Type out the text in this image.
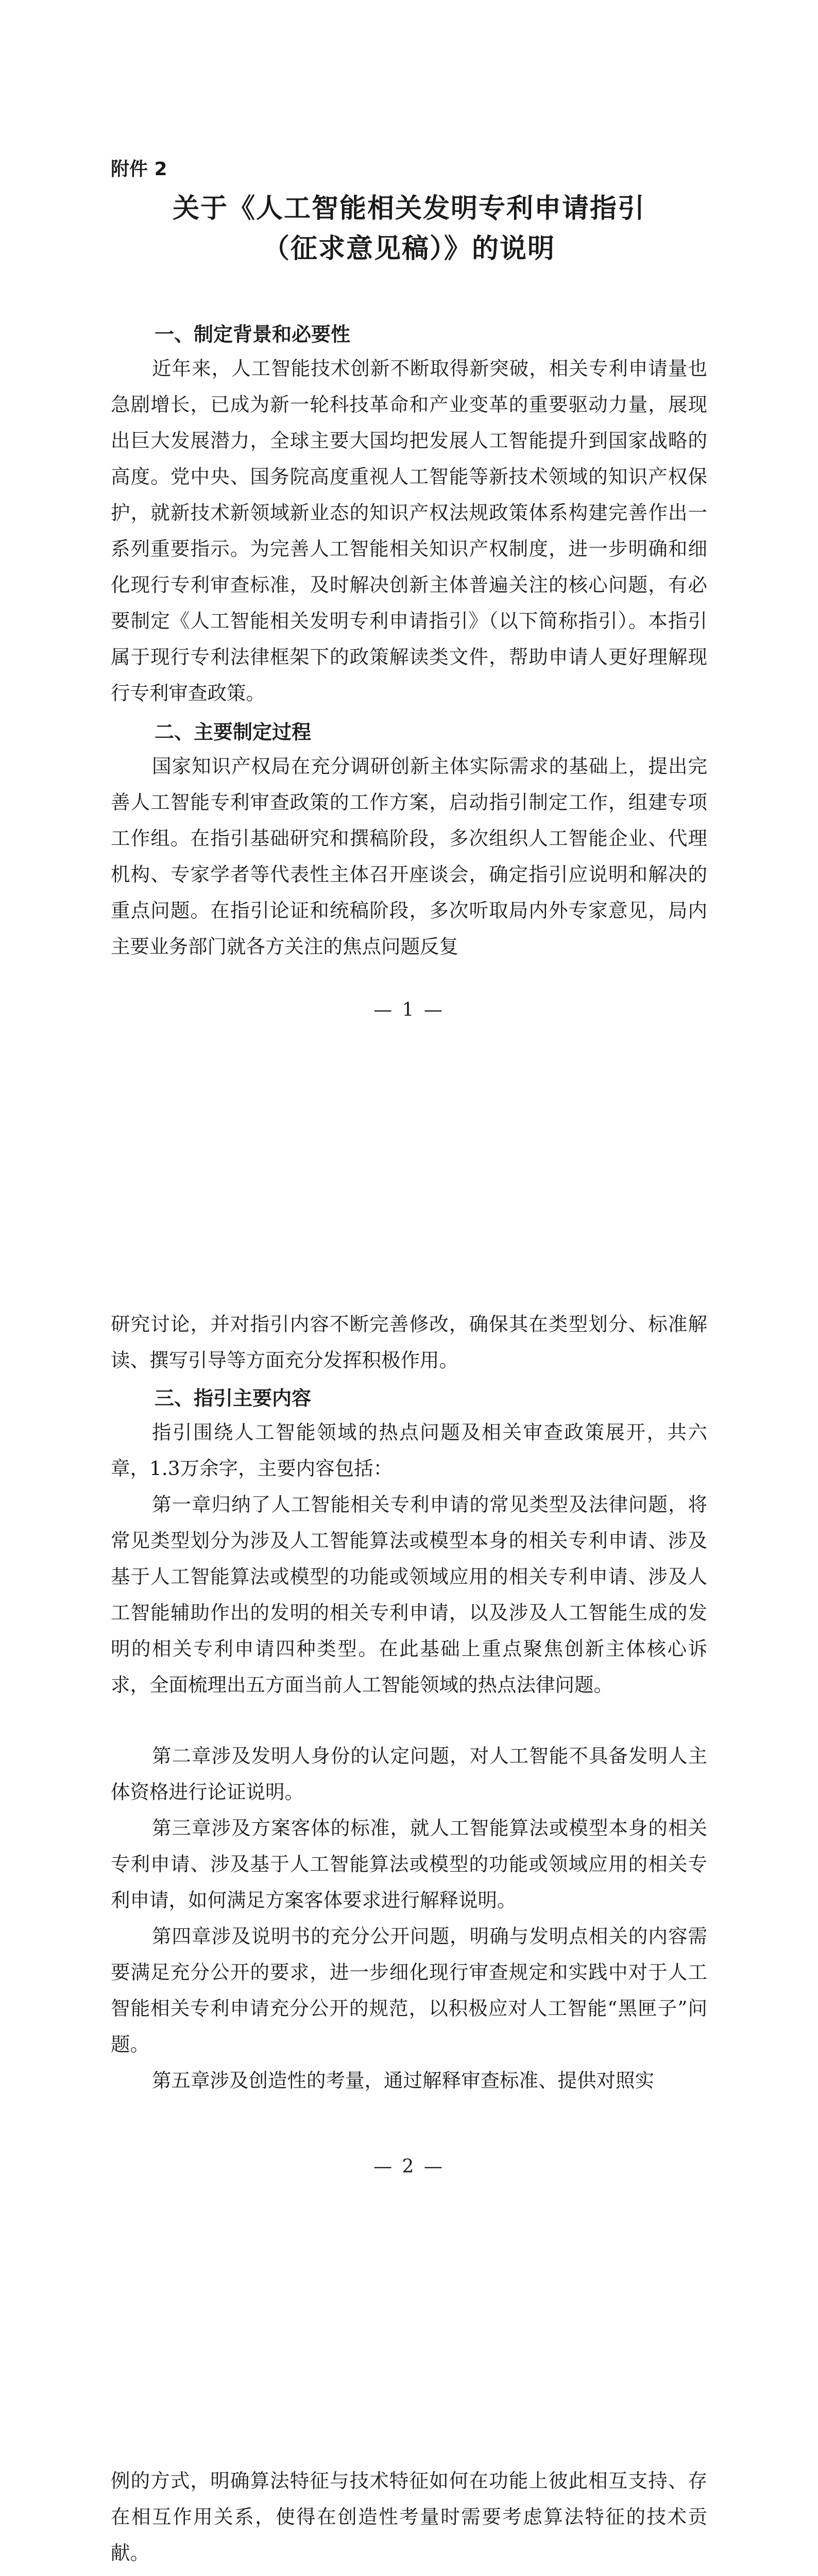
附件 2
关于《人工智能相关发明专利申请指引
（征求意见稿）》的说明
一、制定背景和必要性

近年来，人工智能技术创新不断取得新突破，相关专利申请量也急剧增长，已成为新一轮科技革命和产业变革的重要驱动力量，展现出巨大发展潜力，全球主要大国均把发展人工智能提升到国家战略的高度。党中央、国务院高度重视人工智能等新技术领域的知识产权保护，就新技术新领域新业态的知识产权法规政策体系构建完善作出一系列重要指示。为完善人工智能相关知识产权制度，进一步明确和细化现行专利审查标准，及时解决创新主体普遍关注的核心问题，有必要制定《人工智能相关发明专利申请指引》（以下简称指引）。本指引属于现行专利法律框架下的政策解读类文件，帮助申请人更好理解现行专利审查政策。

二、主要制定过程

国家知识产权局在充分调研创新主体实际需求的基础上，提出完善人工智能专利审查政策的工作方案，启动指引制定工作，组建专项工作组。在指引基础研究和撰稿阶段，多次组织人工智能企业、代理机构、专家学者等代表性主体召开座谈会，确定指引应说明和解决的重点问题。在指引论证和统稿阶段，多次听取局内外专家意见，局内主要业务部门就各方关注的焦点问题反复

— 1 —

研究讨论，并对指引内容不断完善修改，确保其在类型划分、标准解读、撰写引导等方面充分发挥积极作用。

三、指引主要内容

指引围绕人工智能领域的热点问题及相关审查政策展开，共六章，1.3万余字，主要内容包括：

第一章归纳了人工智能相关专利申请的常见类型及法律问题，将常见类型划分为涉及人工智能算法或模型本身的相关专利申请、涉及基于人工智能算法或模型的功能或领域应用的相关专利申请、涉及人工智能辅助作出的发明的相关专利申请，以及涉及人工智能生成的发明的相关专利申请四种类型。在此基础上重点聚焦创新主体核心诉求，全面梳理出五方面当前人工智能领域的热点法律问题。

第二章涉及发明人身份的认定问题，对人工智能不具备发明人主体资格进行论证说明。

第三章涉及方案客体的标准，就人工智能算法或模型本身的相关专利申请、涉及基于人工智能算法或模型的功能或领域应用的相关专利申请，如何满足方案客体要求进行解释说明。

第四章涉及说明书的充分公开问题，明确与发明点相关的内容需要满足充分公开的要求，进一步细化现行审查规定和实践中对于人工智能相关专利申请充分公开的规范，以积极应对人工智能“黑匣子”问题。

第五章涉及创造性的考量，通过解释审查标准、提供对照实

— 2 —

例的方式，明确算法特征与技术特征如何在功能上彼此相互支持、存在相互作用关系，使得在创造性考量时需要考虑算法特征的技术贡献。
